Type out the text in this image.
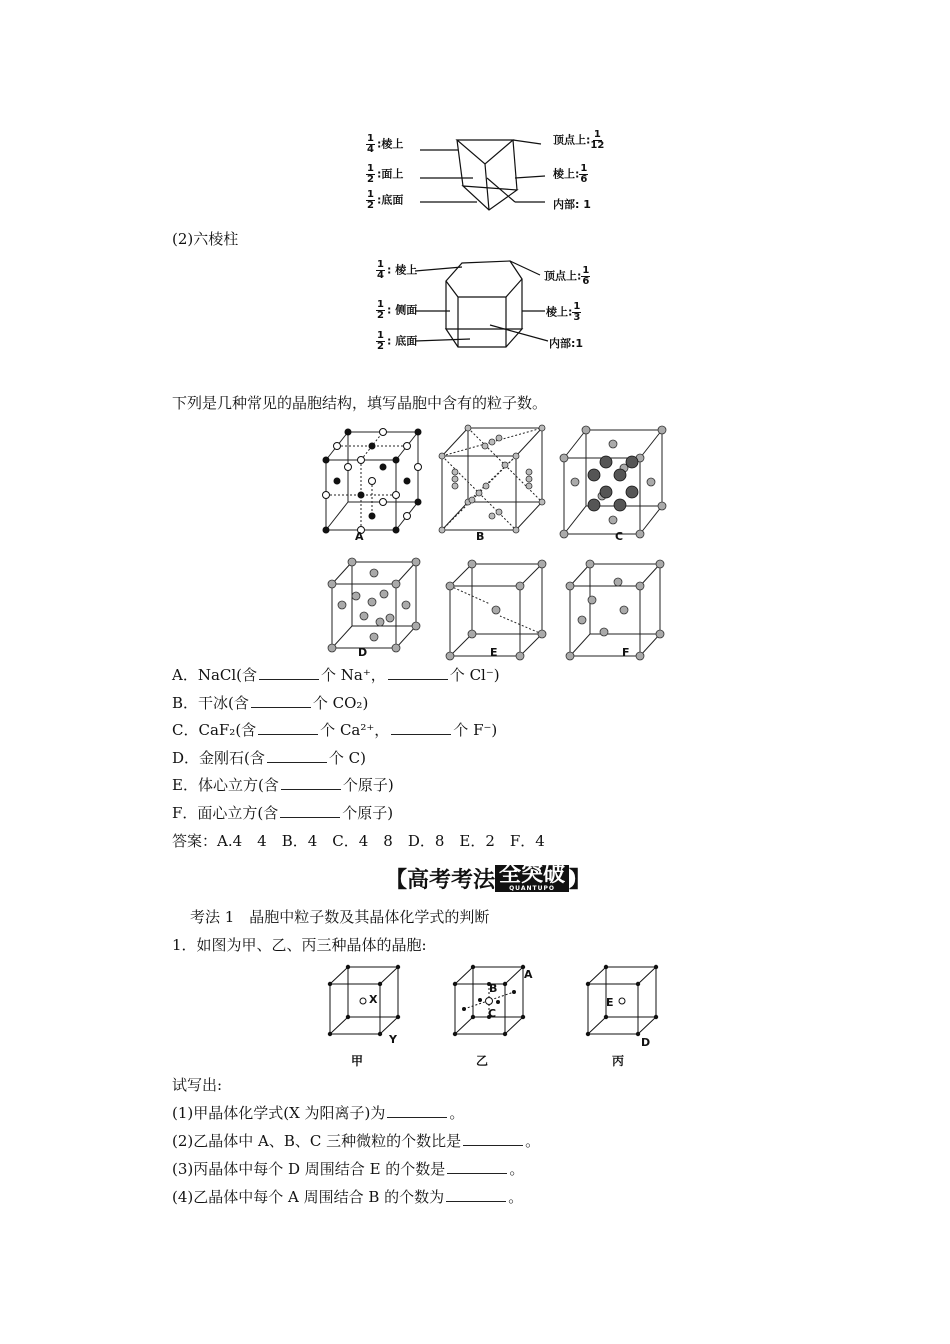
$\frac{1}{4}$ :棱上
$\frac{1}{2}$ :面上
$\frac{1}{2}$ :底面
顶点上: $\frac{1}{12}$
棱上: $\frac{1}{6}$
内部: 1
(2)六棱柱
$\frac{1}{4}$ : 棱上
$\frac{1}{2}$ : 侧面
$\frac{1}{2}$ : 底面
顶点上: $\frac{1}{6}$
棱上: $\frac{1}{3}$
内部:1
下列是几种常见的晶胞结构，填写晶胞中含有的粒子数。
A	B	C
D	E	F
A．NaCl(含	个 Na⁺，	个 Cl⁻)
B．干冰(含	个 CO₂)
C．CaF₂(含	个 Ca²⁺，	个 F⁻)
D．金刚石(含	个 C)
E．体心立方(含	个原子)
F．面心立方(含	个原子)
答案：A.4　4　B．4　C．4　8　D．8　E．2　F．4
【高考考法 全突破
QUANTUPO 】
考法 1　晶胞中粒子数及其晶体化学式的判断
1．如图为甲、乙、丙三种晶体的晶胞:
X
Y
甲
A
B
C
乙
E
D
丙
试写出:
(1)甲晶体化学式(X 为阳离子)为	。
(2)乙晶体中 A、B、C 三种微粒的个数比是	。
(3)丙晶体中每个 D 周围结合 E 的个数是	。
(4)乙晶体中每个 A 周围结合 B 的个数为	。
